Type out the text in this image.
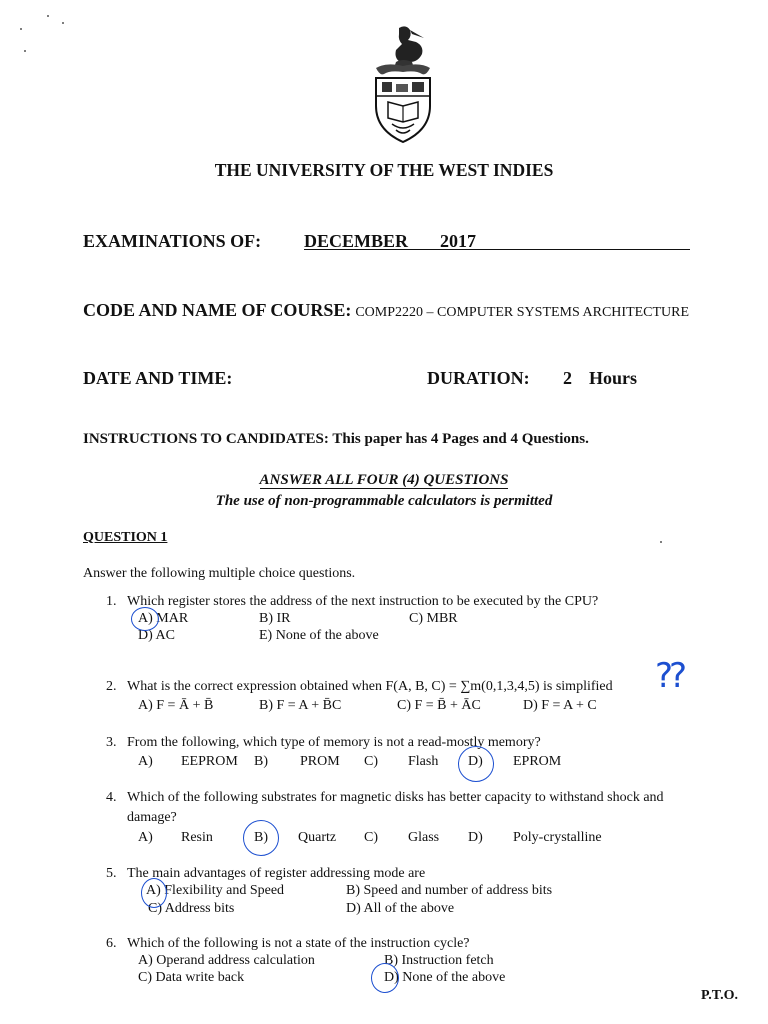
THE UNIVERSITY OF THE WEST INDIES
EXAMINATIONS OF: DECEMBER 2017
CODE AND NAME OF COURSE: COMP2220 – COMPUTER SYSTEMS ARCHITECTURE
DATE AND TIME:	DURATION: 2 Hours
INSTRUCTIONS TO CANDIDATES: This paper has 4 Pages and 4 Questions.
ANSWER ALL FOUR (4) QUESTIONS
The use of non-programmable calculators is permitted
QUESTION 1
Answer the following multiple choice questions.
1. Which register stores the address of the next instruction to be executed by the CPU?
A) MAR	B) IR	C) MBR
D) AC	E) None of the above
2. What is the correct expression obtained when F(A, B, C) = ∑m(0,1,3,4,5) is simplified
A) F = Ā + B̄	B) F = A + B̄C	C) F = B̄ + ĀC	D) F = A + C
??
3. From the following, which type of memory is not a read-mostly memory?
A) EEPROM B) PROM C) Flash D) EPROM
4. Which of the following substrates for magnetic disks has better capacity to withstand shock and
damage?
A) Resin	B) Quartz C) Glass D) Poly-crystalline
5. The main advantages of register addressing mode are
A) Flexibility and Speed	B) Speed and number of address bits
C) Address bits	D) All of the above
6. Which of the following is not a state of the instruction cycle?
A) Operand address calculation	B) Instruction fetch
C) Data write back	D) None of the above
P.T.O.
